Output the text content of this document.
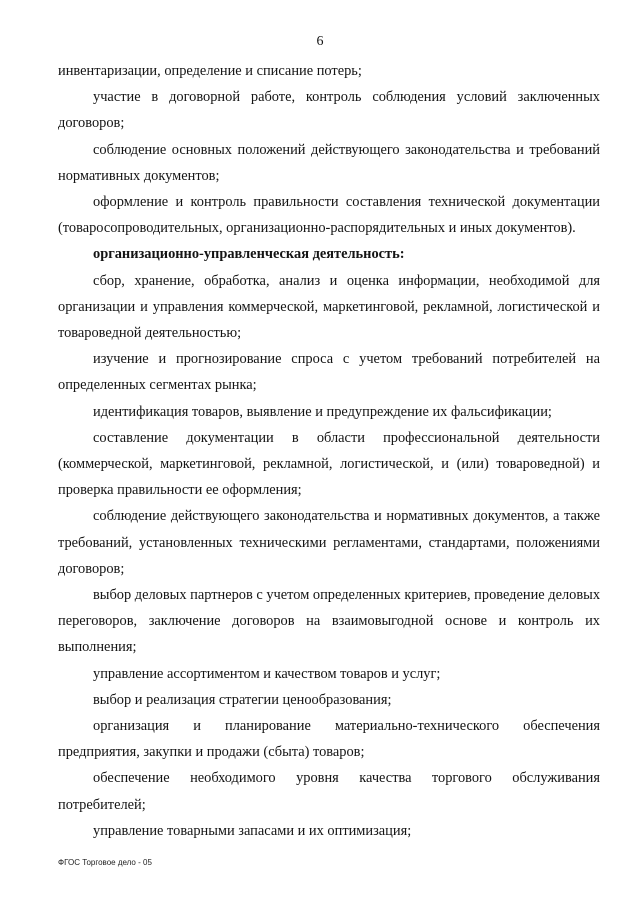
6

инвентаризации, определение и списание потерь;

участие в договорной работе, контроль соблюдения условий заключенных договоров;

соблюдение основных положений действующего законодательства и требований нормативных документов;

оформление и контроль правильности составления технической документации (товаросопроводительных, организационно-распорядительных и иных документов).

организационно-управленческая деятельность:

сбор, хранение, обработка, анализ и оценка информации, необходимой для организации и управления коммерческой, маркетинговой, рекламной, логистической и товароведной деятельностью;

изучение и прогнозирование спроса с учетом требований потребителей на определенных сегментах рынка;

идентификация товаров, выявление и предупреждение их фальсификации;

составление документации в области профессиональной деятельности (коммерческой, маркетинговой, рекламной, логистической, и (или) товароведной) и проверка правильности ее оформления;

соблюдение действующего законодательства и нормативных документов, а также требований, установленных техническими регламентами, стандартами, положениями договоров;

выбор деловых партнеров с учетом определенных критериев, проведение деловых переговоров, заключение договоров на взаимовыгодной основе и контроль их выполнения;

управление ассортиментом и качеством товаров и услуг;

выбор и реализация стратегии ценообразования;

организация и планирование материально-технического обеспечения предприятия, закупки и продажи (сбыта) товаров;

обеспечение необходимого уровня качества торгового обслуживания потребителей;

управление товарными запасами и их оптимизация;

ФГОС Торговое дело - 05
